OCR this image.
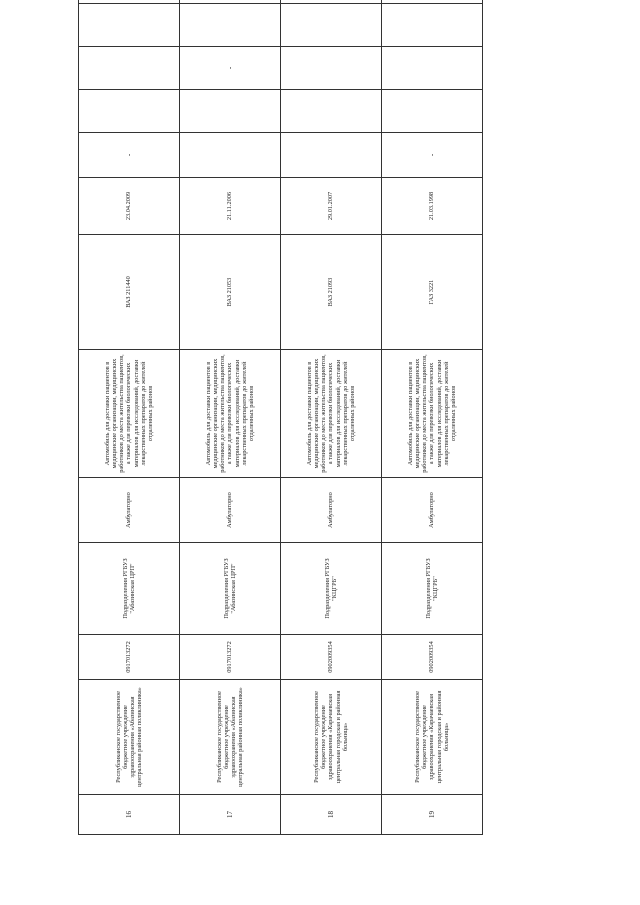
16	Республиканское государственное бюджетное учреждение здравоохранения «Абазинская центральная районная поликлиника»	0917013272	Подразделения РГБУЗ "Абазинская ЦРП"	Амбулаторно	Автомобиль для доставки пациентов в медицинские организации, медицинских работников до места жительства пациентов, а также для перевозки биологических материалов для исследований, доставки лекарственных препаратов до жителей отдаленных районов	ВАЗ 211440	23.04.2009	-				
17	Республиканское государственное бюджетное учреждение здравоохранения «Абазинская центральная районная поликлиника»	0917013272	Подразделения РГБУЗ "Абазинская ЦРП"	Амбулаторно	Автомобиль для доставки пациентов в медицинские организации, медицинских работников до места жительства пациентов, а также для перевозки биологических материалов для исследований, доставки лекарственных препаратов до жителей отдаленных районов	ВАЗ 21053	21.11.2006			-		
18	Республиканское государственное бюджетное учреждение здравоохранения «Карачаевская центральная городская и районная больница»	0902009354	Подразделения РГБУЗ "КЦГРБ"	Амбулаторно	Автомобиль для доставки пациентов в медицинские организации, медицинских работников до места жительства пациентов, а также для перевозки биологических материалов для исследований, доставки лекарственных препаратов до жителей отдаленных районов	ВАЗ 21093	29.01.2007					
19	Республиканское государственное бюджетное учреждение здравоохранения «Карачаевская центральная городская и районная больница»	0902009354	Подразделения РГБУЗ "КЦГРБ"	Амбулаторно	Автомобиль для доставки пациентов в медицинские организации, медицинских работников до места жительства пациентов, а также для перевозки биологических материалов для исследований, доставки лекарственных препаратов до жителей отдаленных районов	ГАЗ 3221	21.03.1998	-				
